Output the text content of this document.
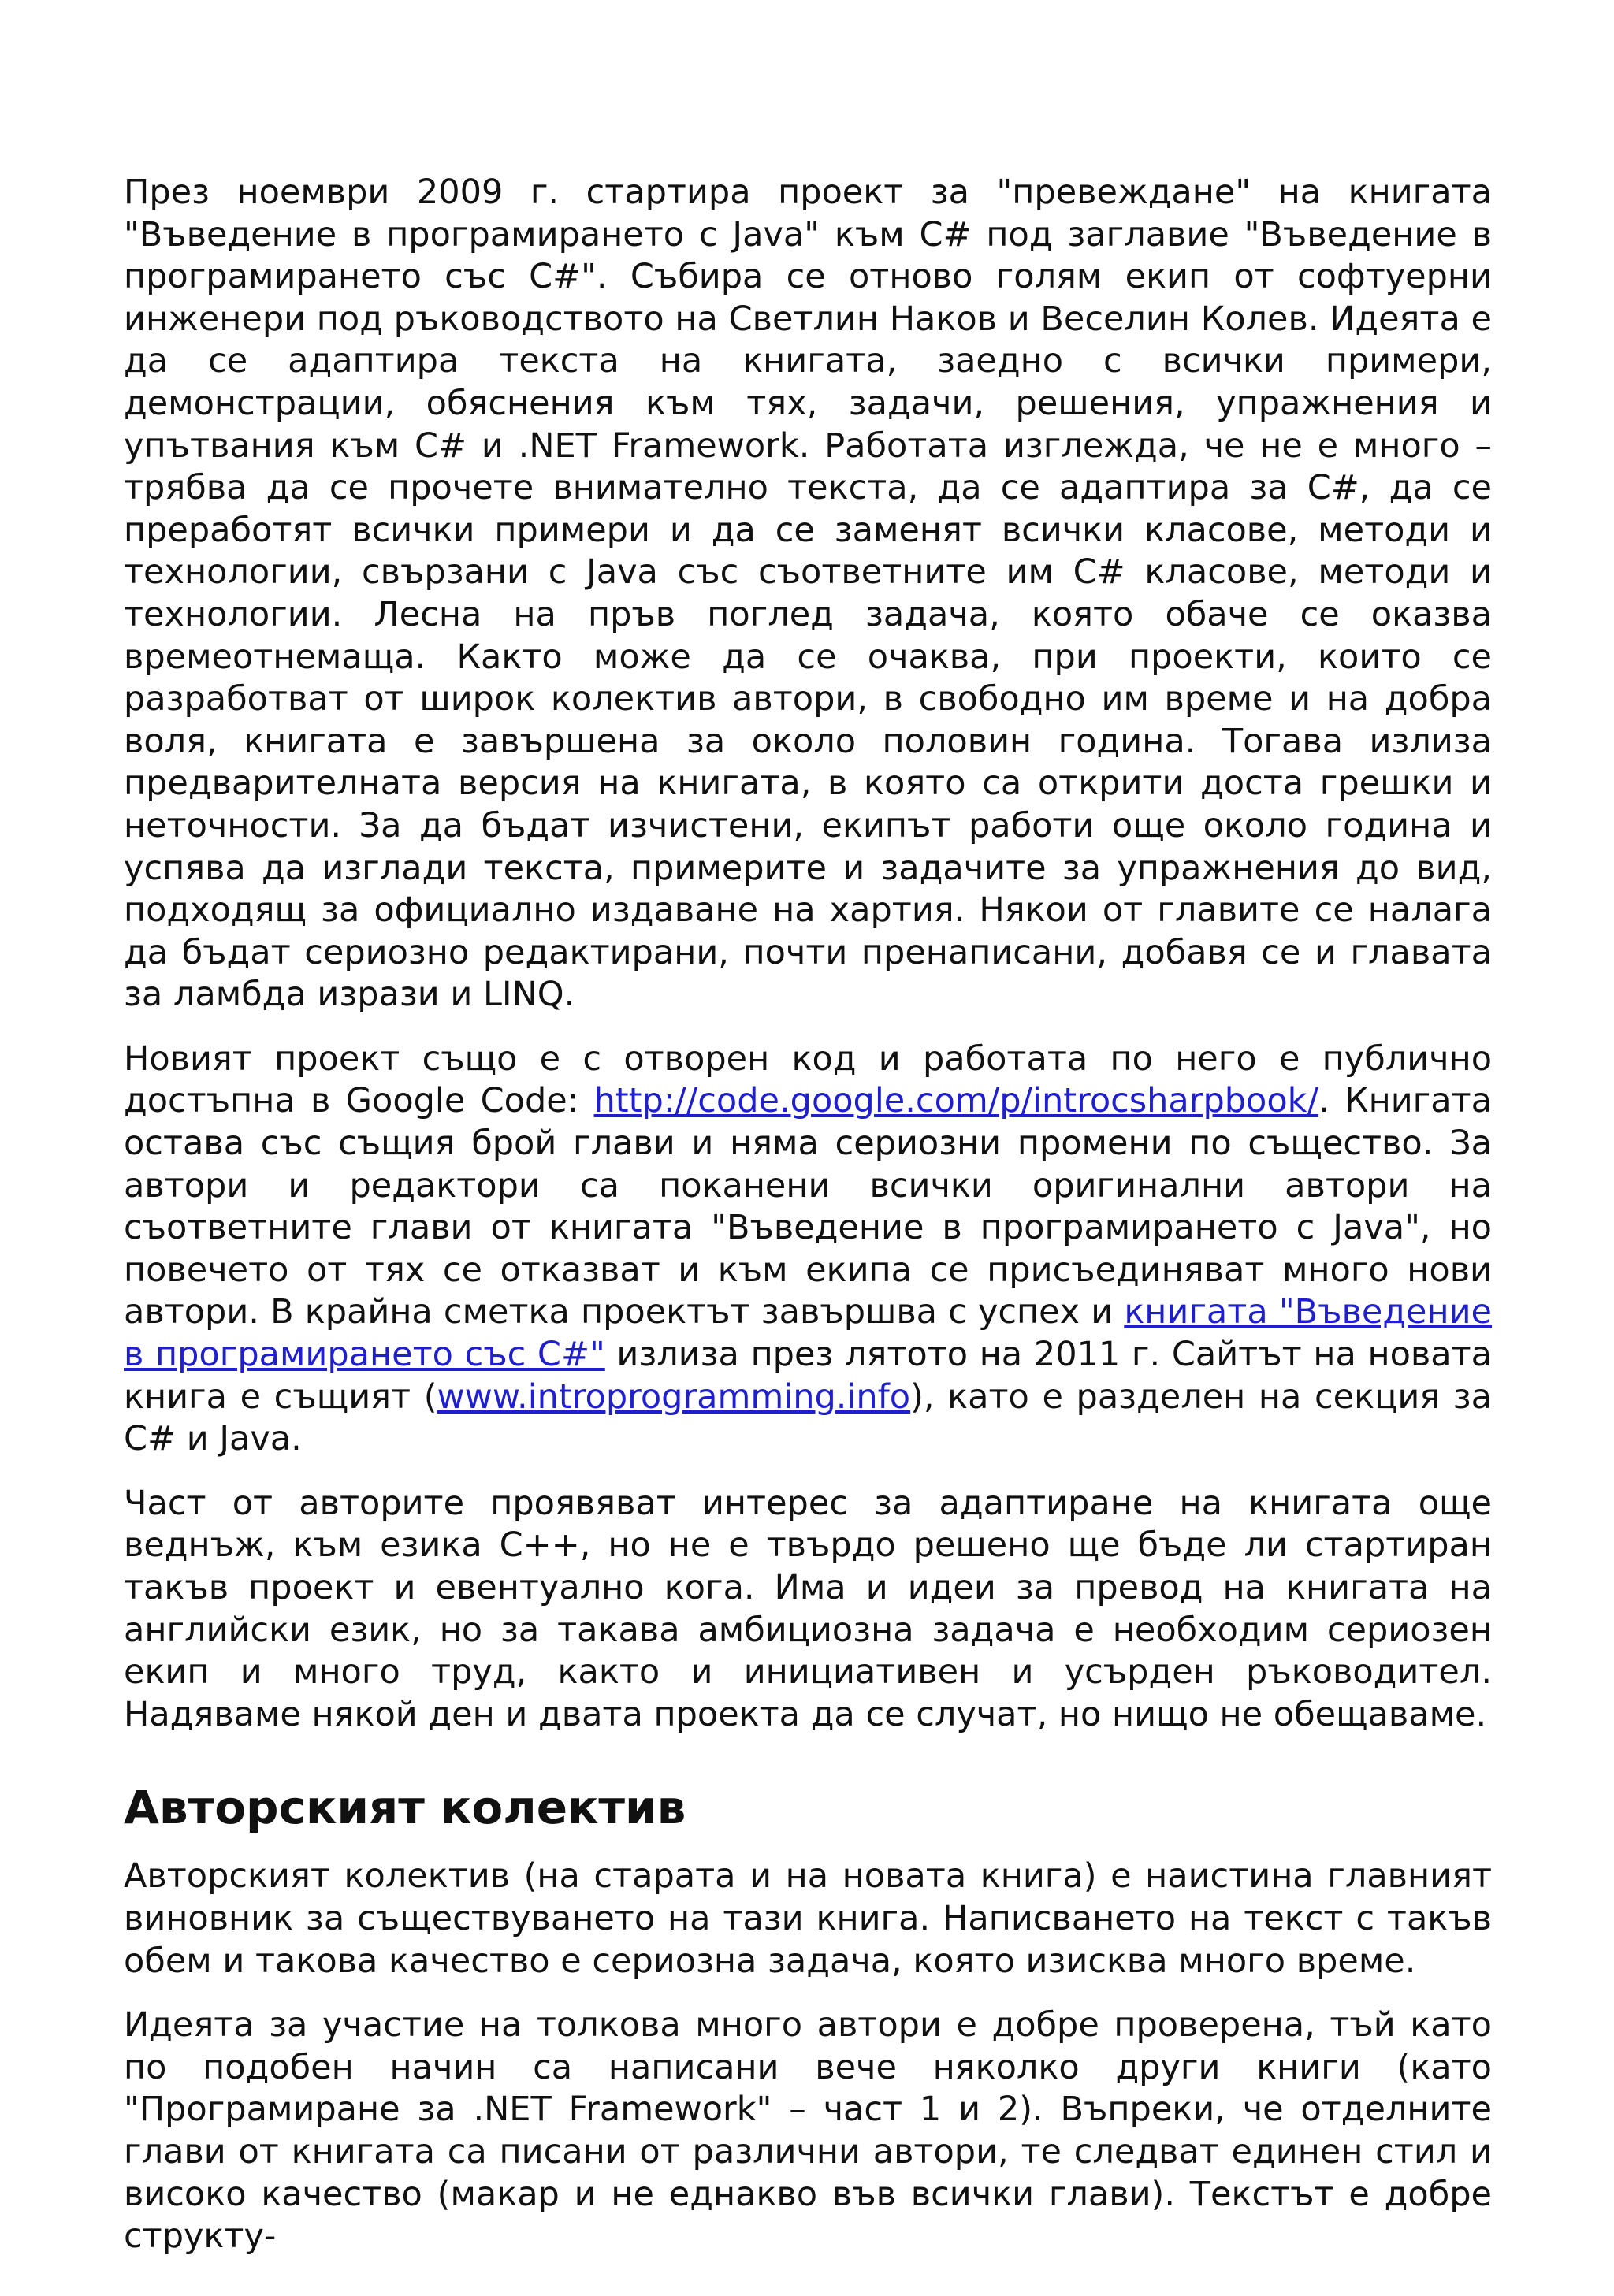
През ноември 2009 г. стартира проект за "превеждане" на книгата "Въведение в програмирането с Java" към C# под заглавие "Въведение в програмирането със C#". Събира се отново голям екип от софтуерни инженери под ръководството на Светлин Наков и Веселин Колев. Идеята е да се адаптира текста на книгата, заедно с всички примери, демонстрации, обяснения към тях, задачи, решения, упражнения и упътвания към C# и .NET Framework. Работата изглежда, че не е много – трябва да се прочете внимателно текста, да се адаптира за C#, да се преработят всички примери и да се заменят всички класове, методи и технологии, свързани с Java със съответните им C# класове, методи и технологии. Лесна на пръв поглед задача, която обаче се оказва времеотнемаща. Както може да се очаква, при проекти, които се разработват от широк колектив автори, в свободно им време и на добра воля, книгата е завършена за около половин година. Тогава излиза предварителната версия на книгата, в която са открити доста грешки и неточности. За да бъдат изчистени, екипът работи още около година и успява да изглади текста, примерите и задачите за упражнения до вид, подходящ за официално издаване на хартия. Някои от главите се налага да бъдат сериозно редактирани, почти пренаписани, добавя се и главата за ламбда изрази и LINQ.

Новият проект също е с отворен код и работата по него е публично достъпна в Google Code: http://code.google.com/p/introcsharpbook/. Книгата остава със същия брой глави и няма сериозни промени по същество. За автори и редактори са поканени всички оригинални автори на съответните глави от книгата "Въведение в програмирането с Java", но повечето от тях се отказват и към екипа се присъединяват много нови автори. В крайна сметка проектът завършва с успех и книгата "Въведение в програмирането със C#" излиза през лятото на 2011 г. Сайтът на новата книга е същият (www.introprogramming.info), като е разделен на секция за C# и Java.

Част от авторите проявяват интерес за адаптиране на книгата още веднъж, към езика C++, но не е твърдо решено ще бъде ли стартиран такъв проект и евентуално кога. Има и идеи за превод на книгата на английски език, но за такава амбициозна задача е необходим сериозен екип и много труд, както и инициативен и усърден ръководител. Надяваме някой ден и двата проекта да се случат, но нищо не обещаваме.

Авторският колектив

Авторският колектив (на старата и на новата книга) е наистина главният виновник за съществуването на тази книга. Написването на текст с такъв обем и такова качество е сериозна задача, която изисква много време.

Идеята за участие на толкова много автори е добре проверена, тъй като по подобен начин са написани вече няколко други книги (като "Програмиране за .NET Framework" – част 1 и 2). Въпреки, че отделните глави от книгата са писани от различни автори, те следват единен стил и високо качество (макар и не еднакво във всички глави). Текстът е добре структу-
